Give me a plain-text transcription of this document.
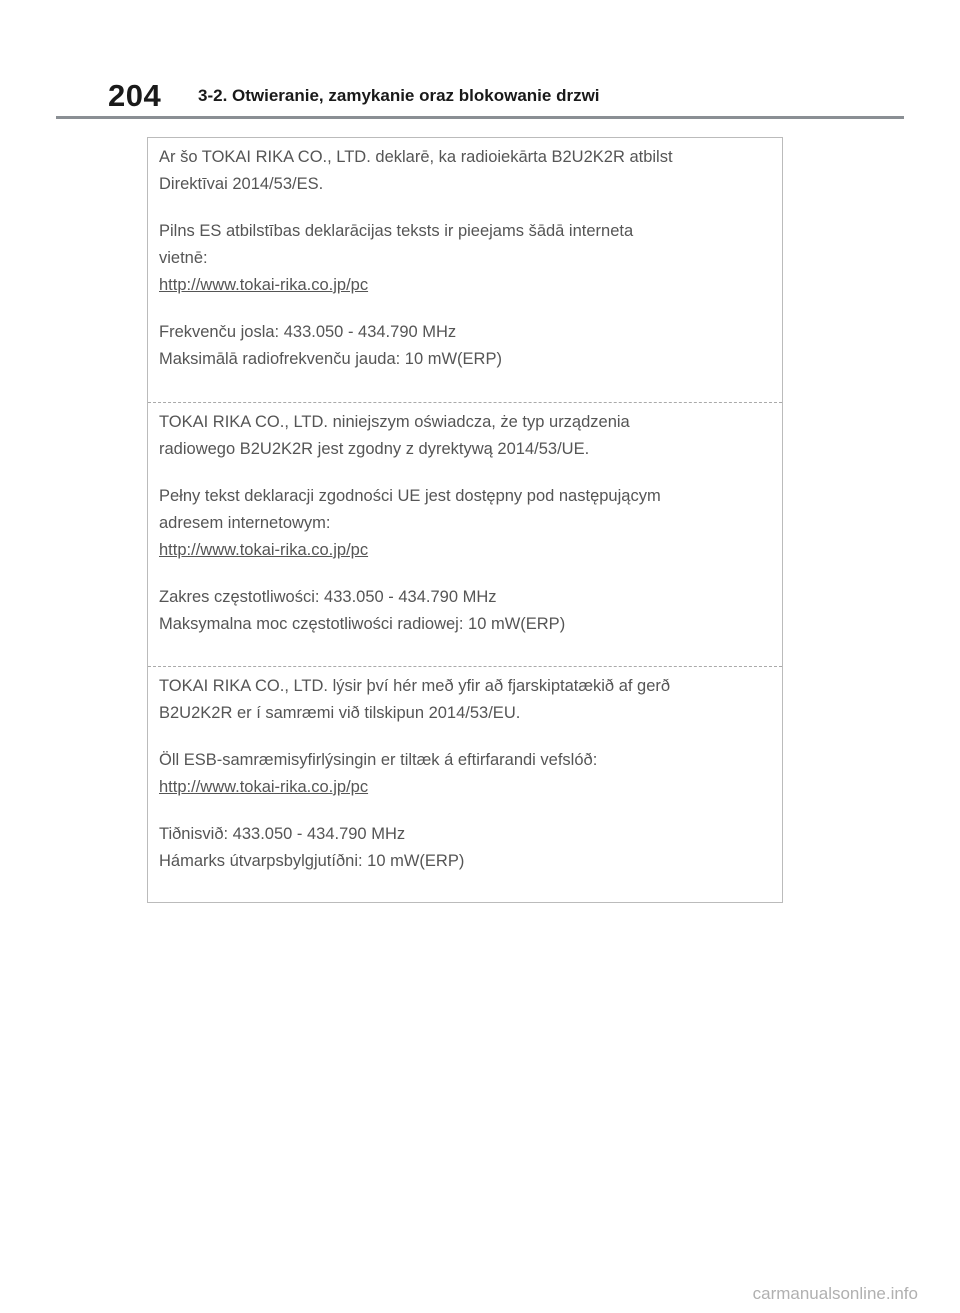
204	3-2. Otwieranie, zamykanie oraz blokowanie drzwi

Ar šo TOKAI RIKA CO., LTD. deklarē, ka radioiekārta B2U2K2R atbilst

Direktīvai 2014/53/ES.

Pilns ES atbilstības deklarācijas teksts ir pieejams šādā interneta

vietnē:

http://www.tokai-rika.co.jp/pc

Frekvenču josla: 433.050 - 434.790 MHz

Maksimālā radiofrekvenču jauda: 10 mW(ERP)

TOKAI RIKA CO., LTD. niniejszym oświadcza, że typ urządzenia

radiowego B2U2K2R jest zgodny z dyrektywą 2014/53/UE.

Pełny tekst deklaracji zgodności UE jest dostępny pod następującym

adresem internetowym:

http://www.tokai-rika.co.jp/pc

Zakres częstotliwości: 433.050 - 434.790 MHz

Maksymalna moc częstotliwości radiowej: 10 mW(ERP)

TOKAI RIKA CO., LTD. lýsir því hér með yfir að fjarskiptatækið af gerð

B2U2K2R er í samræmi við tilskipun 2014/53/EU.

Öll ESB-samræmisyfirlýsingin er tiltæk á eftirfarandi vefslóð:

http://www.tokai-rika.co.jp/pc

Tiðnisvið: 433.050 - 434.790 MHz

Hámarks útvarpsbylgjutíðni: 10 mW(ERP)

carmanualsonline.info
